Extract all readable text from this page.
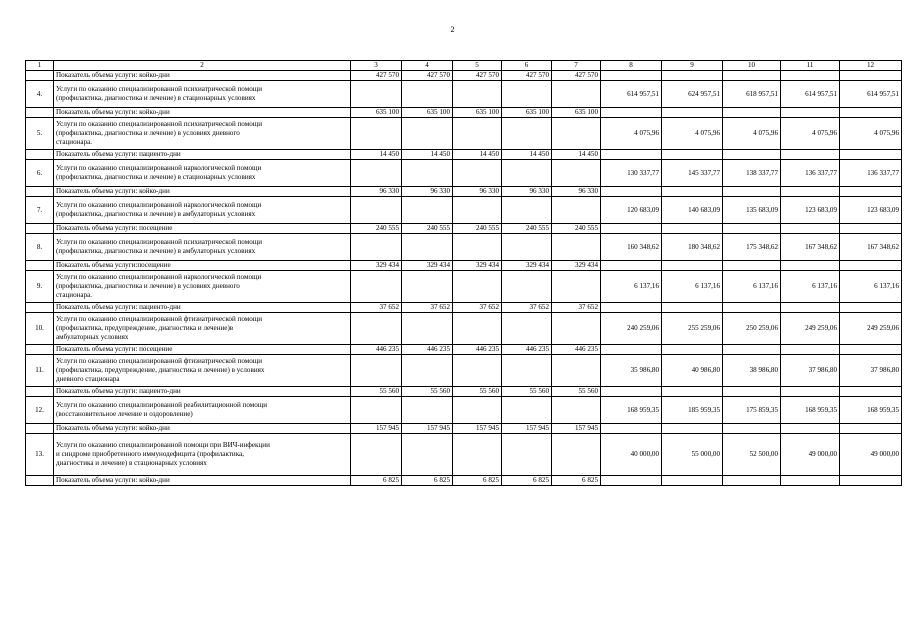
2
1	2	3	4	5	6	7	8	9	10	11	12
	Показатель объема услуги: койко-дни	427 570	427 570	427 570	427 570	427 570					
4.	Услуги по оказанию специализированной психиатрической помощи
(профилактика, диагностика и лечение) в стационарных условиях						614 957,51	624 957,51	618 957,51	614 957,51	614 957,51
	Показатель объема услуги: койко-дни	635 100	635 100	635 100	635 100	635 100					
5.	Услуги по оказанию специализированной психиатрической помощи
(профилактика, диагностика и лечение) в условиях дневного
стационара.						4 075,96	4 075,96	4 075,96	4 075,96	4 075,96
	Показатель объема услуги: пациенто-дни	14 450	14 450	14 450	14 450	14 450					
6.	Услуги по оказанию специализированной наркологической помощи
(профилактика, диагностика и лечение) в стационарных условиях						130 337,77	145 337,77	138 337,77	136 337,77	136 337,77
	Показатель объема услуги: койко-дни	96 330	96 330	96 330	96 330	96 330					
7.	Услуги по оказанию специализированной наркологической помощи
(профилактика, диагностика и лечение) в амбулаторных условиях						120 683,09	140 683,09	135 683,09	123 683,09	123 683,09
	Показатель объема услуги: посещение	240 555	240 555	240 555	240 555	240 555					
8.	Услуги по оказанию специализированной психиатрической помощи
(профилактика, диагностика и лечение) в амбулаторных условиях						160 348,62	180 348,62	175 348,62	167 348,62	167 348,62
	Показатель объема услуги:посещение	329 434	329 434	329 434	329 434	329 434					
9.	Услуги по оказанию специализированной наркологической помощи
(профилактика, диагностика и лечение) в условиях дневного
стационара.						6 137,16	6 137,16	6 137,16	6 137,16	6 137,16
	Показатель объема услуги: пациенто-дни	37 652	37 652	37 652	37 652	37 652					
10.	Услуги по оказанию специализированной фтизиатрической помощи
(профилактика, предупреждение, диагностика и лечение)в
амбулаторных условиях						240 259,06	255 259,06	250 259,06	249 259,06	249 259,06
	Показатель объема услуги: посещение	446 235	446 235	446 235	446 235	446 235					
11.	Услуги по оказанию специализированной фтизиатрической помощи
(профилактика, предупреждение, диагностика и лечение) в условиях
дневного стационара						35 986,80	40 986,80	38 986,80	37 986,80	37 986,80
	Показатель объема услуги: пациенто-дни	55 560	55 560	55 560	55 560	55 560					
12.	Услуги по оказанию специализированной реабилитационной помощи
(восстановительное лечение и оздоровление)						168 959,35	185 959,35	175 859,35	168 959,35	168 959,35
	Показатель объема услуги: койко-дни	157 945	157 945	157 945	157 945	157 945					
13.	Услуги по оказанию специализированной помощи при ВИЧ-инфекции
и синдроме приобретенного иммунодефицита (профилактика,
диагностика и лечение) в стационарных условиях						40 000,00	55 000,00	52 500,00	49 000,00	49 000,00
	Показатель объема услуги: койко-дни	6 825	6 825	6 825	6 825	6 825					
